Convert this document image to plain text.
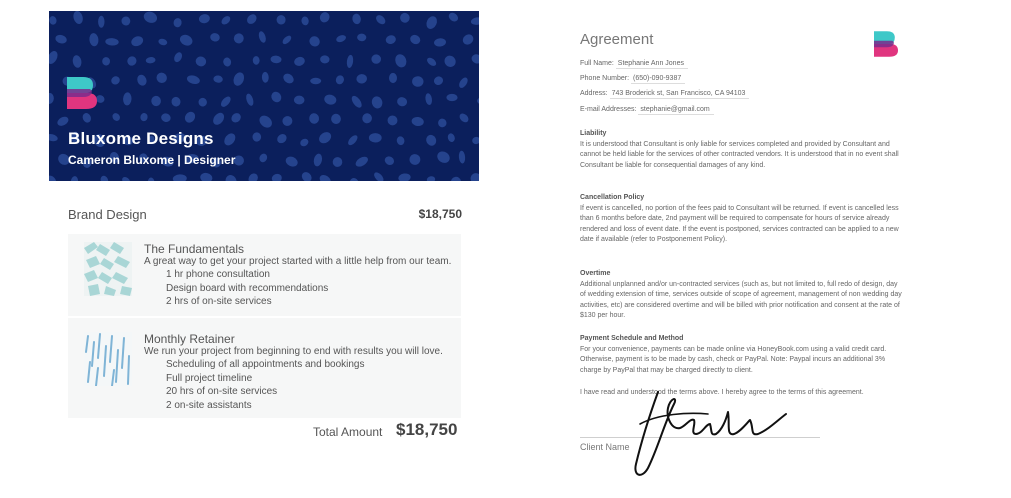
Bluxome Designs
Cameron Bluxome | Designer
Brand Design	$18,750
The Fundamentals
A great way to get your project started with a little help from our team.
1 hr phone consultation
Design board with recommendations
2 hrs of on-site services
Monthly Retainer
We run your project from beginning to end with results you will love.
Scheduling of all appointments and bookings
Full project timeline
20 hrs of on-site services
2 on-site assistants
Total Amount $18,750
Agreement
Full Name: Stephanie Ann Jones
Phone Number: (650)-090-9387
Address: 743 Broderick st, San Francisco, CA 94103
E-mail Addresses: stephanie@gmail.com
Liability

It is understood that Consultant is only liable for services completed and provided by Consultant and cannot be held liable for the services of other contracted vendors. It is understood that in no event shall Consultant be liable for consequential damages of any kind.

Cancellation Policy

If event is cancelled, no portion of the fees paid to Consultant will be returned. If event is cancelled less than 6 months before date, 2nd payment will be required to compensate for hours of service already rendered and loss of event date. If the event is postponed, services contracted can be applied to a new date if available (refer to Postponement Policy).

Overtime

Additional unplanned and/or un-contracted services (such as, but not limited to, full redo of design, day of wedding extension of time, services outside of scope of agreement, management of non wedding day activities, etc) are considered overtime and will be billed with prior notification and consent at the rate of $130 per hour.

Payment Schedule and Method

For your convenience, payments can be made online via HoneyBook.com using a valid credit card. Otherwise, payment is to be made by cash, check or PayPal. Note: Paypal incurs an additional 3% charge by PayPal that may be charged directly to client.

I have read and understood the terms above. I hereby agree to the terms of this agreement.
Client Name
